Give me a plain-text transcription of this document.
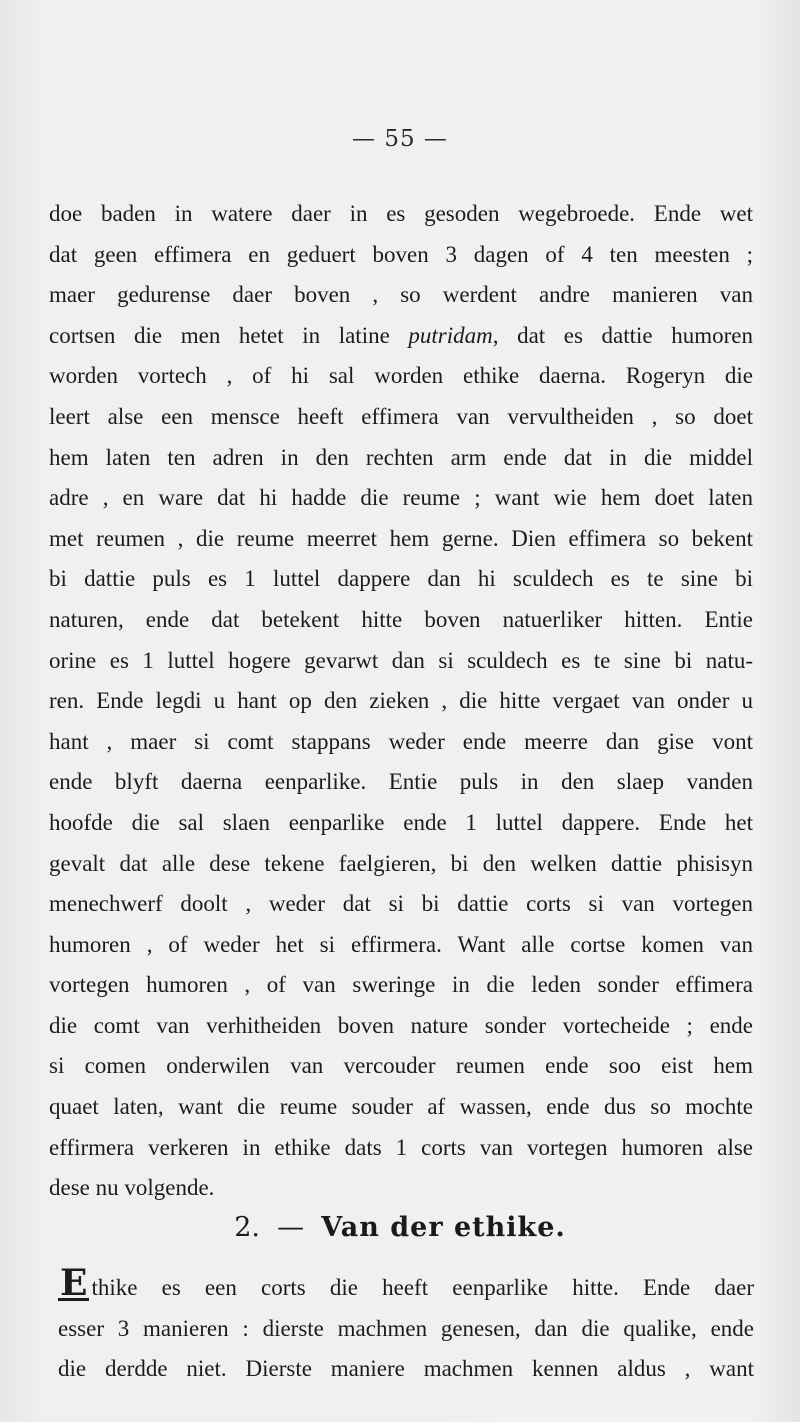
— 55 —
doe baden in watere daer in es gesoden wegebroede. Ende wet
dat geen effimera en geduert boven 3 dagen of 4 ten meesten ;
maer gedurense daer boven , so werdent andre manieren van
cortsen die men hetet in latine putridam, dat es dattie humoren
worden vortech , of hi sal worden ethike daerna. Rogeryn die
leert alse een mensce heeft effimera van vervultheiden , so doet
hem laten ten adren in den rechten arm ende dat in die middel
adre , en ware dat hi hadde die reume ; want wie hem doet laten
met reumen , die reume meerret hem gerne. Dien effimera so bekent
bi dattie puls es 1 luttel dappere dan hi sculdech es te sine bi
naturen, ende dat betekent hitte boven natuerliker hitten. Entie
orine es 1 luttel hogere gevarwt dan si sculdech es te sine bi natu-
ren. Ende legdi u hant op den zieken , die hitte vergaet van onder u
hant , maer si comt stappans weder ende meerre dan gise vont
ende blyft daerna eenparlike. Entie puls in den slaep vanden
hoofde die sal slaen eenparlike ende 1 luttel dappere. Ende het
gevalt dat alle dese tekene faelgieren, bi den welken dattie phisisyn
menechwerf doolt , weder dat si bi dattie corts si van vortegen
humoren , of weder het si effirmera. Want alle cortse komen van
vortegen humoren , of van sweringe in die leden sonder effimera
die comt van verhitheiden boven nature sonder vortecheide ; ende
si comen onderwilen van vercouder reumen ende soo eist hem
quaet laten, want die reume souder af wassen, ende dus so mochte
effirmera verkeren in ethike dats 1 corts van vortegen humoren alse
dese nu volgende.
2. — Van der ethike.
E thike es een corts die heeft eenparlike hitte. Ende daer
esser 3 manieren : dierste machmen genesen, dan die qualike, ende
die derdde niet. Dierste maniere machmen kennen aldus , want
